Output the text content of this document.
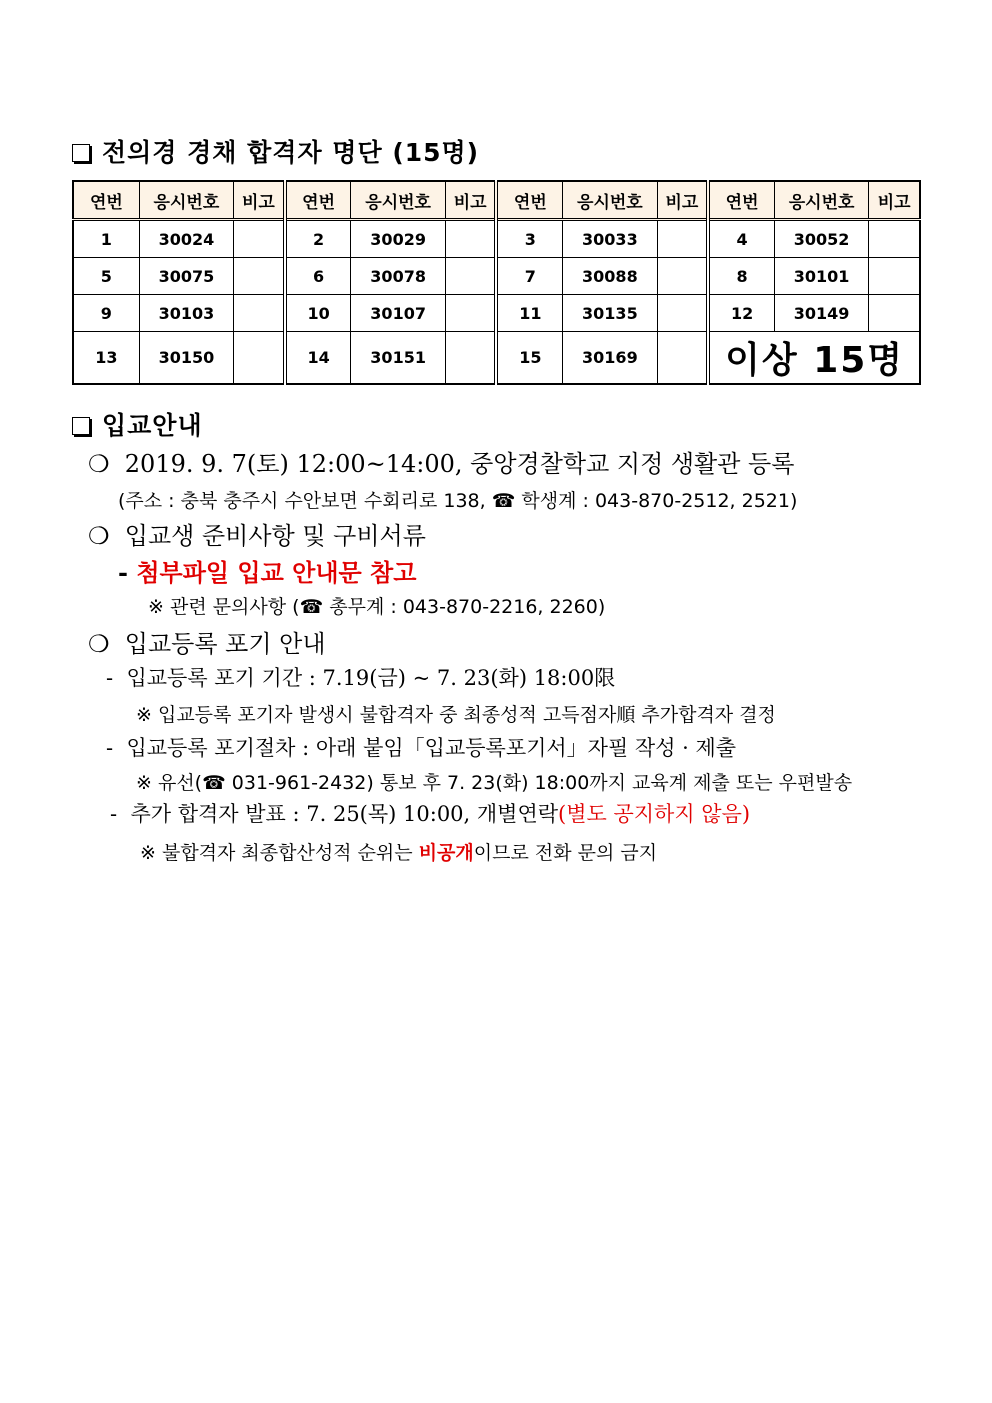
전의경 경채 합격자 명단 (15명)
연번	응시번호	비고	연번	응시번호	비고	연번	응시번호	비고	연번	응시번호	비고
1	30024		2	30029		3	30033		4	30052	
5	30075		6	30078		7	30088		8	30101	
9	30103		10	30107		11	30135		12	30149	
13	30150		14	30151		15	30169		이상 15명		
입교안내
❍ 2019. 9. 7(토) 12:00~14:00, 중앙경찰학교 지정 생활관 등록
(주소 : 충북 충주시 수안보면 수회리로 138, ☎ 학생계 : 043-870-2512, 2521)
❍ 입교생 준비사항 및 구비서류
- 첨부파일 입교 안내문 참고
※ 관련 문의사항 (☎ 총무계 : 043-870-2216, 2260)
❍ 입교등록 포기 안내
- 입교등록 포기 기간 : 7.19(금) ~ 7. 23(화) 18:00限
※ 입교등록 포기자 발생시 불합격자 중 최종성적 고득점자順 추가합격자 결정
- 입교등록 포기절차 : 아래 붙임「입교등록포기서」자필 작성 · 제출
※ 유선(☎ 031-961-2432) 통보 후 7. 23(화) 18:00까지 교육계 제출 또는 우편발송
- 추가 합격자 발표 : 7. 25(목) 10:00, 개별연락(별도 공지하지 않음)
※ 불합격자 최종합산성적 순위는 비공개이므로 전화 문의 금지
